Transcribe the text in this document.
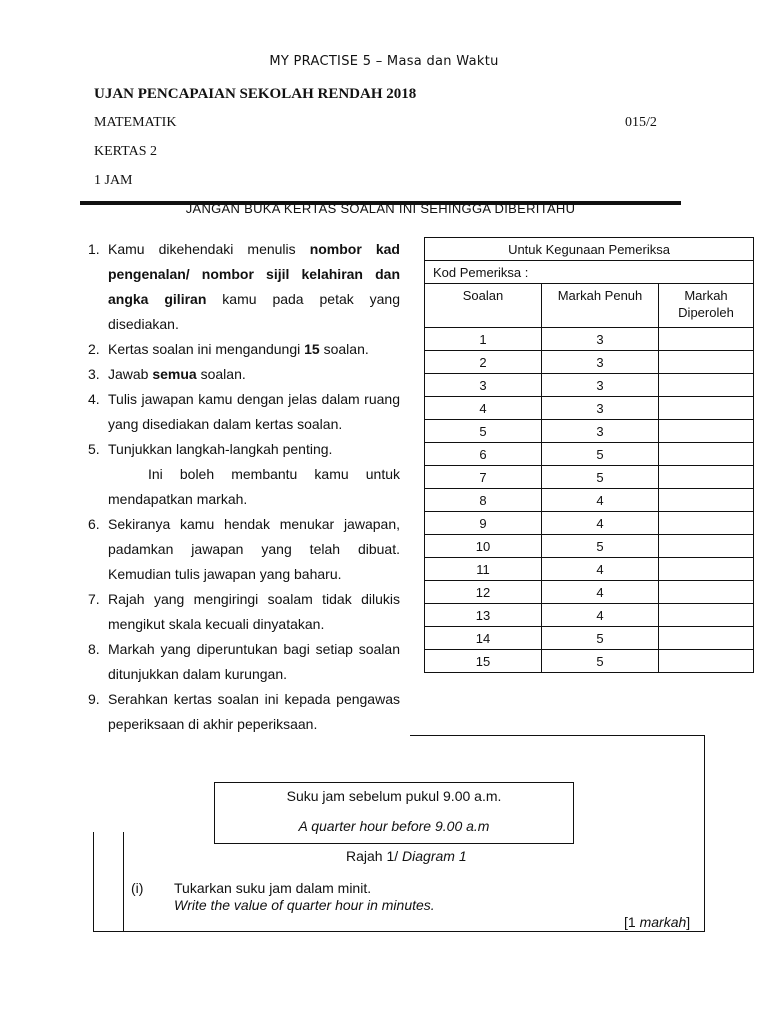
MY PRACTISE 5 – Masa dan Waktu
UJAN PENCAPAIAN SEKOLAH RENDAH 2018
MATEMATIK	015/2
KERTAS 2
1 JAM
JANGAN BUKA KERTAS SOALAN INI SEHINGGA DIBERITAHU
1. Kamu dikehendaki menulis nombor kad pengenalan/ nombor sijil kelahiran dan angka giliran kamu pada petak yang disediakan.
2. Kertas soalan ini mengandungi 15 soalan.
3. Jawab semua soalan.
4. Tulis jawapan kamu dengan jelas dalam ruang yang disediakan dalam kertas soalan.
5. Tunjukkan langkah-langkah penting.
Ini boleh membantu kamu untuk mendapatkan markah.
6. Sekiranya kamu hendak menukar jawapan, padamkan jawapan yang telah dibuat. Kemudian tulis jawapan yang baharu.
7. Rajah yang mengiringi soalam tidak dilukis mengikut skala kecuali dinyatakan.
8. Markah yang diperuntukan bagi setiap soalan ditunjukkan dalam kurungan.
9. Serahkan kertas soalan ini kepada pengawas peperiksaan di akhir peperiksaan.
Untuk Kegunaan Pemeriksa		
Kod Pemeriksa :		
Soalan	Markah Penuh	Markah Diperoleh
1	3	
2	3	
3	3	
4	3	
5	3	
6	5	
7	5	
8	4	
9	4	
10	5	
11	4	
12	4	
13	4	
14	5	
15	5	
Suku jam sebelum pukul 9.00 a.m.
A quarter hour before 9.00 a.m
Rajah 1/ Diagram 1
(i) Tukarkan suku jam dalam minit.
Write the value of quarter hour in minutes.
[1 markah]
